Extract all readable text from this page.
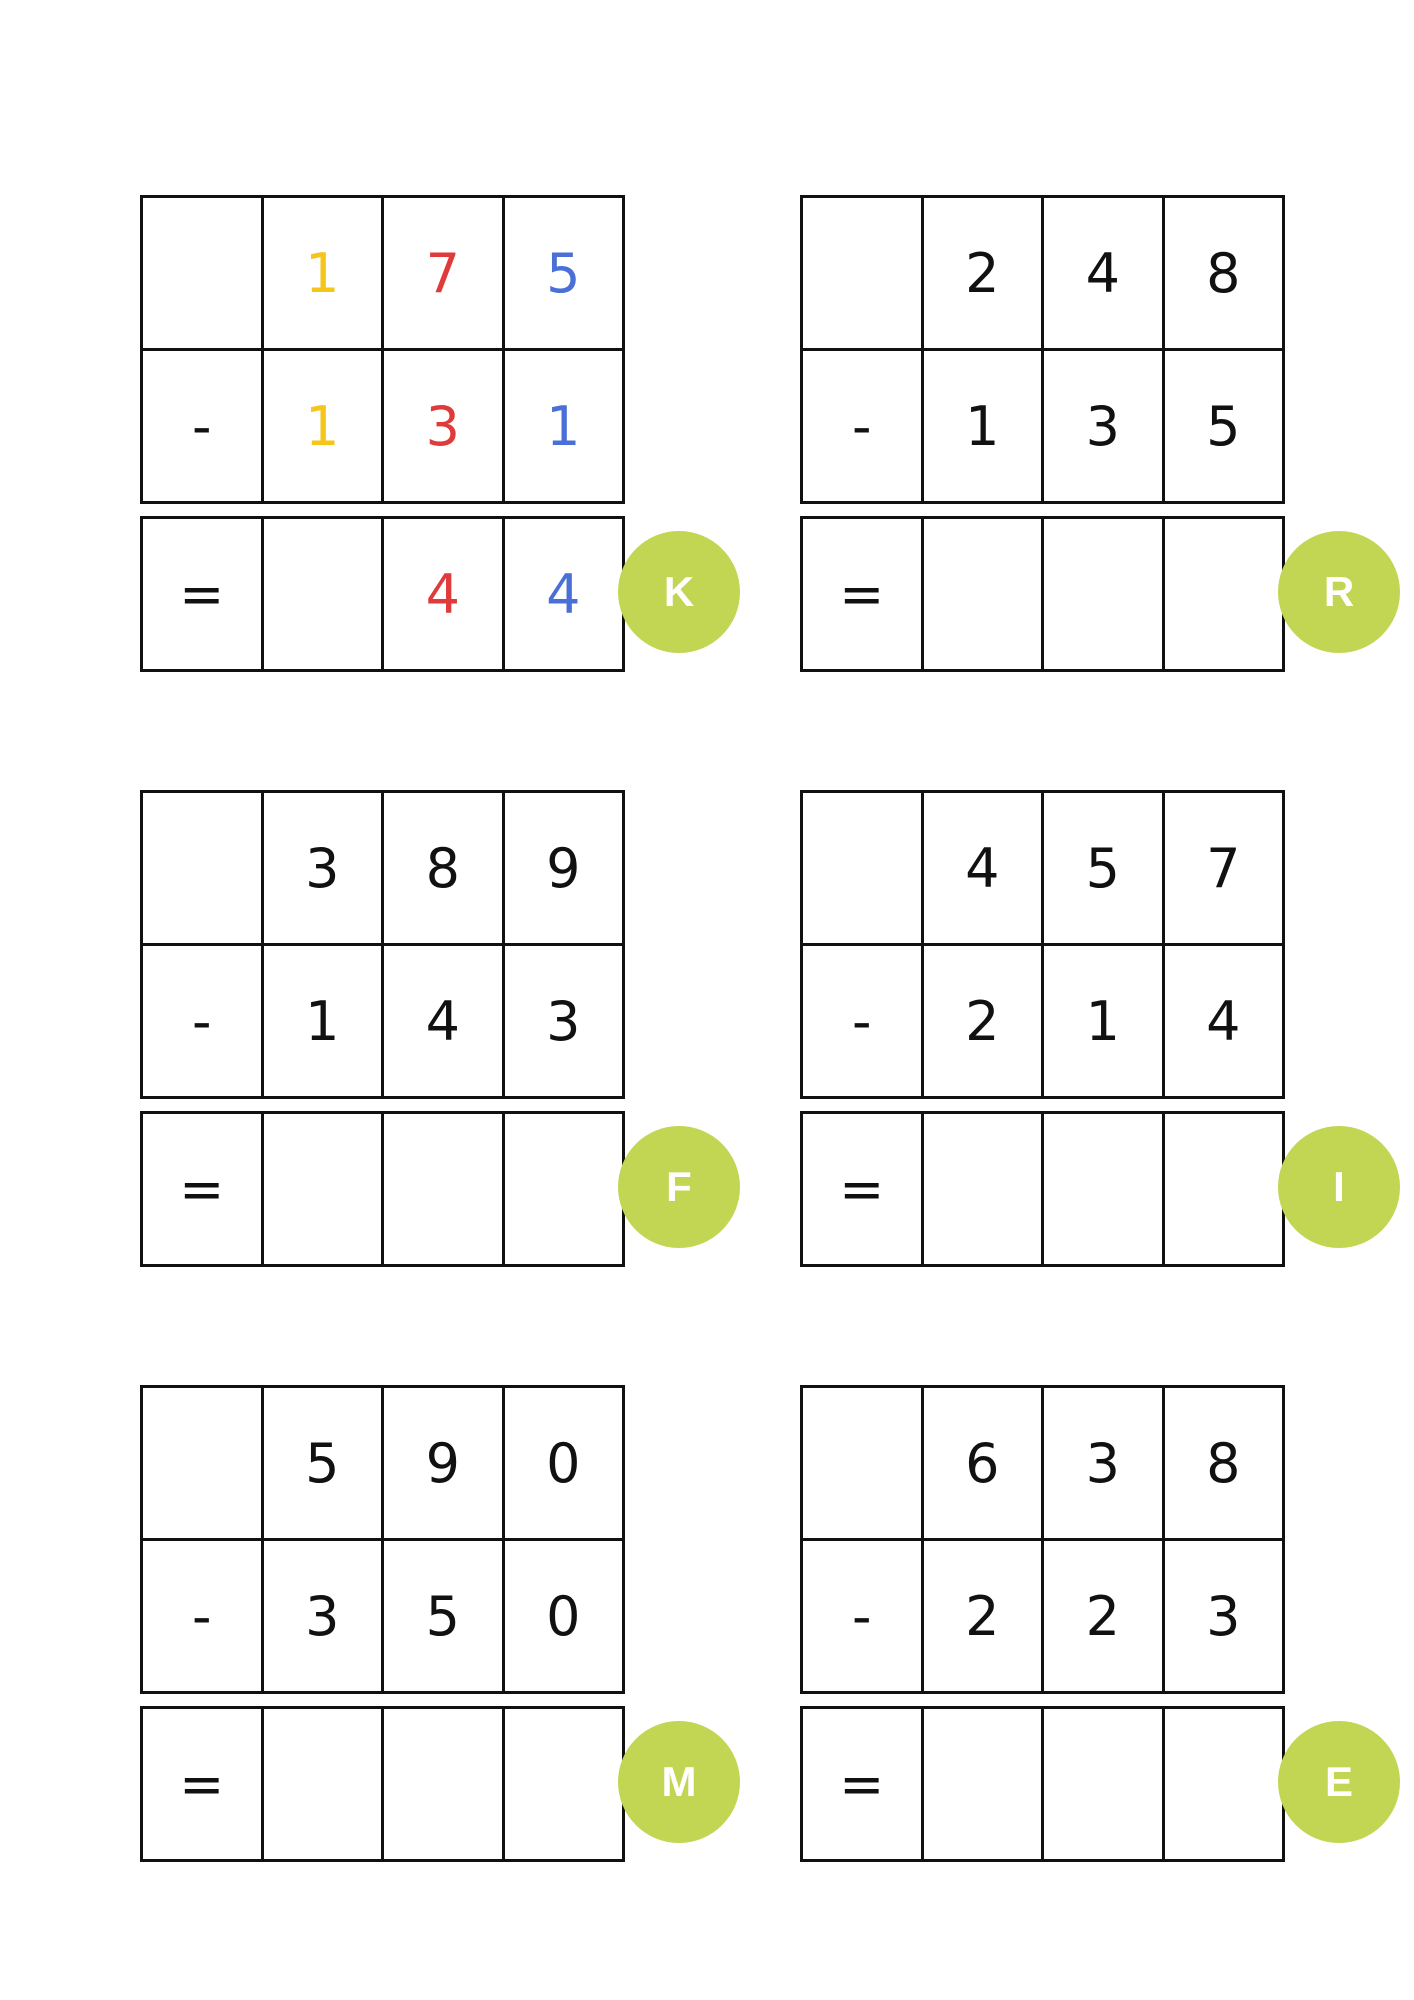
	1	7	5
-	1	3	1
=		4	4	K
	2	4	8
-	1	3	5
=				R
	3	8	9
-	1	4	3
=				F
	4	5	7
-	2	1	4
=				I
	5	9	0
-	3	5	0
=				M
	6	3	8
-	2	2	3
=				E
